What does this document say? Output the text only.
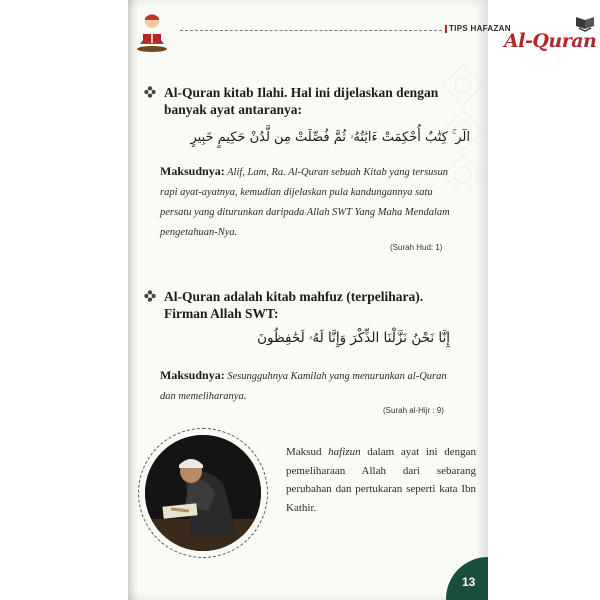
TIPS HAFAZAN
Al-Quran
Al-Quran kitab Ilahi. Hal ini dijelaskan dengan banyak ayat antaranya:
الٓر ۚ كِتَٰبٌ أُحْكِمَتْ ءَايَٰتُهُۥ ثُمَّ فُصِّلَتْ مِن لَّدُنْ حَكِيمٍ خَبِيرٍ
Maksudnya: Alif, Lam, Ra. Al-Quran sebuah Kitab yang tersusun rapi ayat-ayatnya, kemudian dijelaskan pula kandungannya satu persatu yang diturunkan daripada Allah SWT Yang Maha Mendalam pengetahuan-Nya.
(Surah Hud: 1)
Al-Quran adalah kitab mahfuz (terpelihara). Firman Allah SWT:
إِنَّا نَحْنُ نَزَّلْنَا الذِّكْرَ وَإِنَّا لَهُۥ لَحَٰفِظُونَ
Maksudnya: Sesungguhnya Kamilah yang menurunkan al-Quran dan memeliharanya.
(Surah al-Hijr : 9)
Maksud hafizun dalam ayat ini dengan pemeliharaan Allah dari sebarang perubahan dan pertukaran seperti kata Ibn Kathir.
13
